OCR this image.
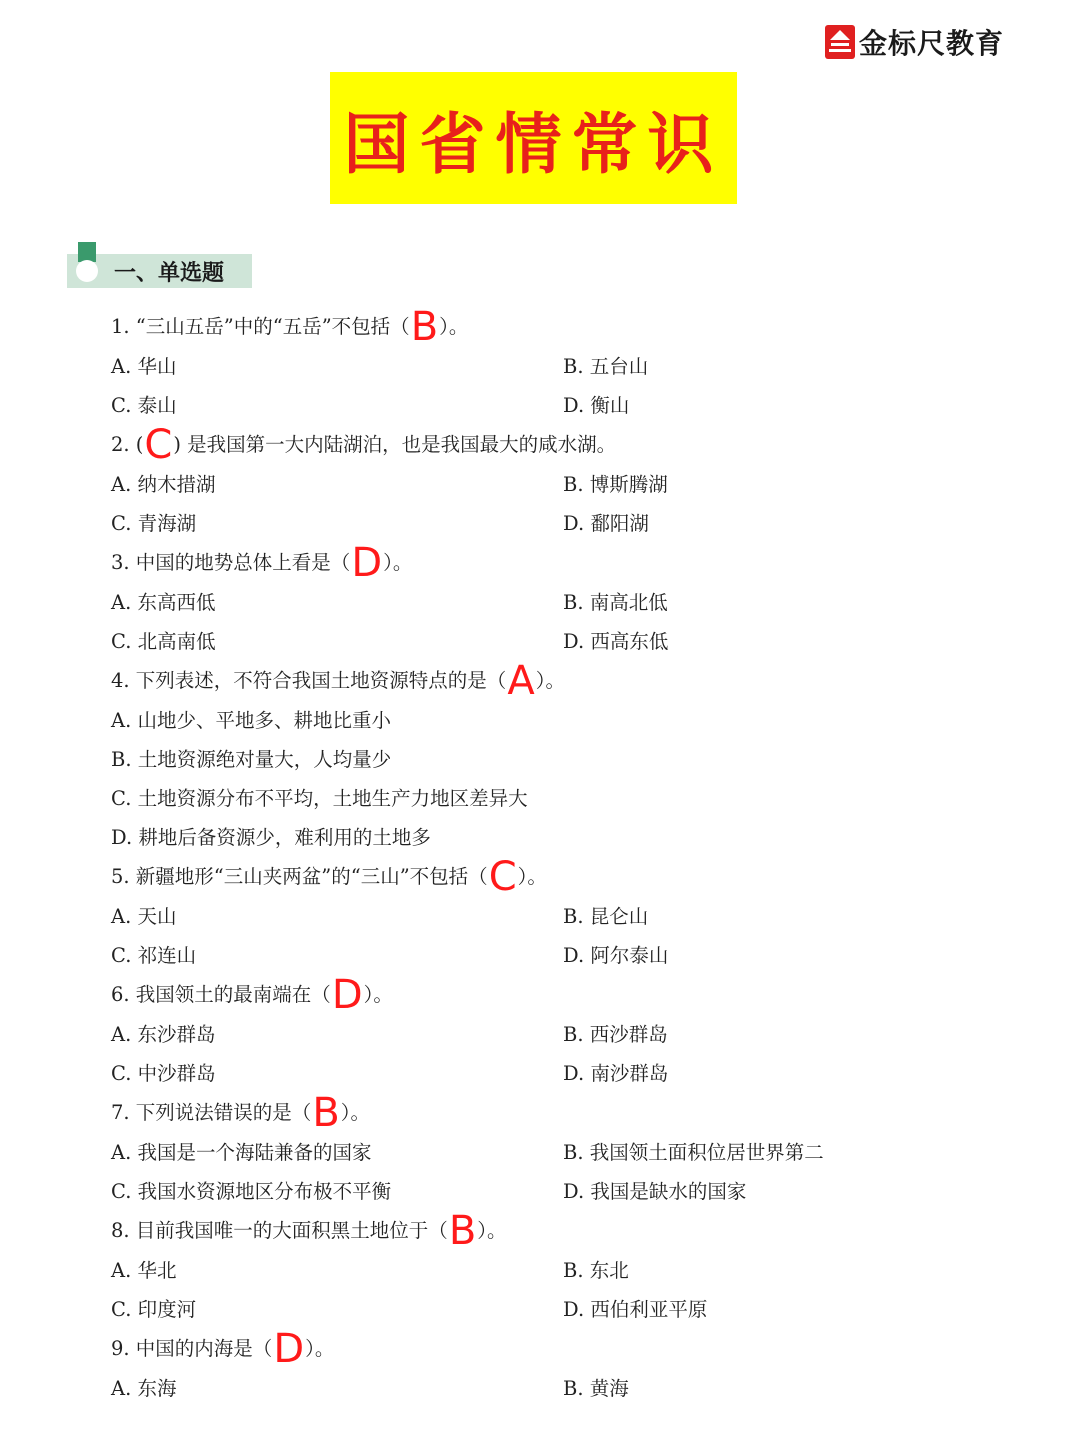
金标尺教育
国省情常识
一、单选题
1. “三山五岳”中的“五岳”不包括（B）。
A. 华山	B. 五台山
C. 泰山	D. 衡山
2. (C) 是我国第一大内陆湖泊，也是我国最大的咸水湖。
A. 纳木措湖	B. 博斯腾湖
C. 青海湖	D. 鄱阳湖
3. 中国的地势总体上看是（D）。
A. 东高西低	B. 南高北低
C. 北高南低	D. 西高东低
4. 下列表述，不符合我国土地资源特点的是（A）。
A. 山地少、平地多、耕地比重小
B. 土地资源绝对量大，人均量少
C. 土地资源分布不平均，土地生产力地区差异大
D. 耕地后备资源少，难利用的土地多
5. 新疆地形“三山夹两盆”的“三山”不包括（C）。
A. 天山	B. 昆仑山
C. 祁连山	D. 阿尔泰山
6. 我国领土的最南端在（D）。
A. 东沙群岛	B. 西沙群岛
C. 中沙群岛	D. 南沙群岛
7. 下列说法错误的是（B）。
A. 我国是一个海陆兼备的国家	B. 我国领土面积位居世界第二
C. 我国水资源地区分布极不平衡	D. 我国是缺水的国家
8. 目前我国唯一的大面积黑土地位于（B）。
A. 华北	B. 东北
C. 印度河	D. 西伯利亚平原
9. 中国的内海是（D）。
A. 东海	B. 黄海
